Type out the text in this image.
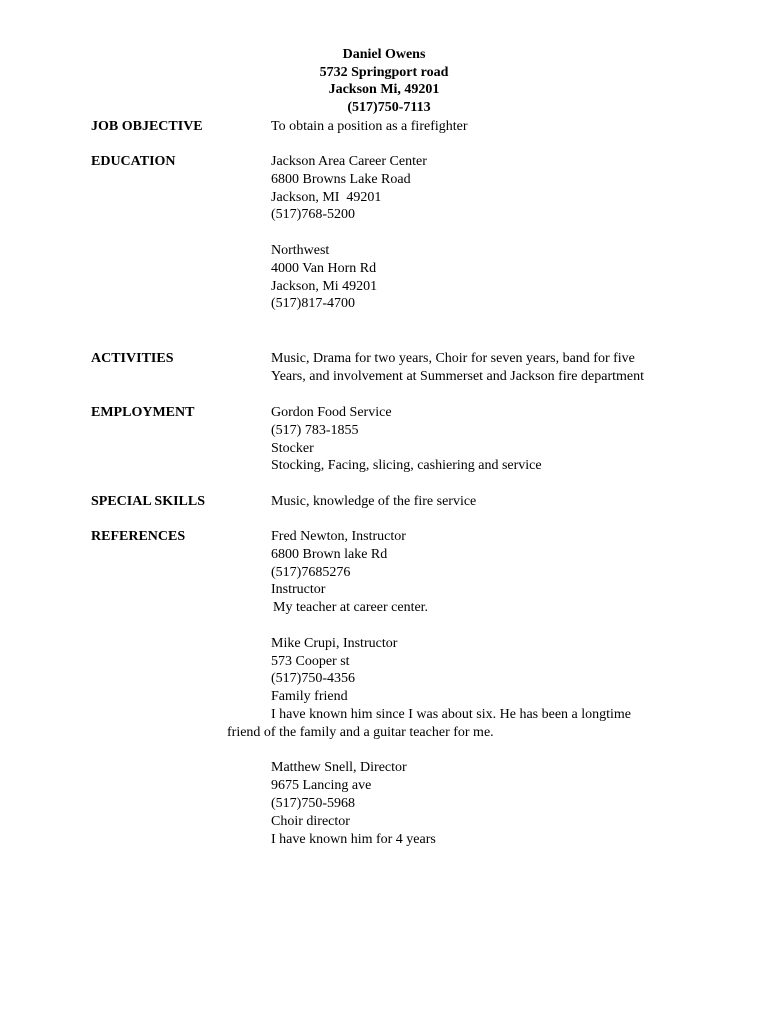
Daniel Owens
5732 Springport road
Jackson Mi, 49201
(517)750-7113
JOB OBJECTIVE	To obtain a position as a firefighter
EDUCATION	Jackson Area Career Center
6800 Browns Lake Road
Jackson, MI  49201
(517)768-5200
Northwest
4000 Van Horn Rd
Jackson, Mi 49201
(517)817-4700
ACTIVITIES	Music, Drama for two years, Choir for seven years, band for five
Years, and involvement at Summerset and Jackson fire department
EMPLOYMENT	Gordon Food Service
(517) 783-1855
Stocker
Stocking, Facing, slicing, cashiering and service
SPECIAL SKILLS	Music, knowledge of the fire service
REFERENCES	Fred Newton, Instructor
6800 Brown lake Rd
(517)7685276
Instructor
My teacher at career center.
Mike Crupi, Instructor
573 Cooper st
(517)750-4356
Family friend
I have known him since I was about six. He has been a longtime
friend of the family and a guitar teacher for me.
Matthew Snell, Director
9675 Lancing ave
(517)750-5968
Choir director
I have known him for 4 years
